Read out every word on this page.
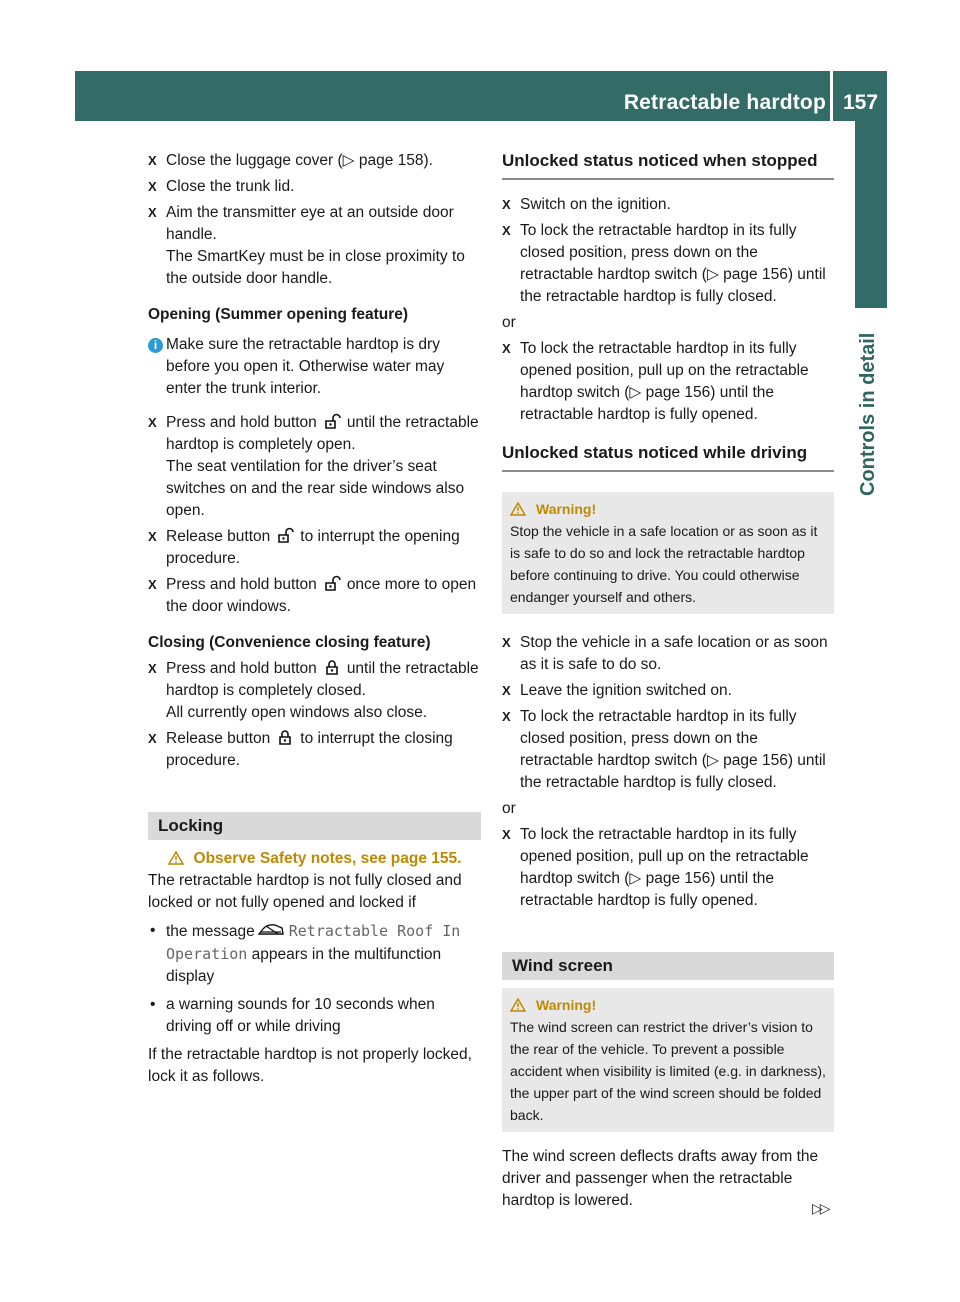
Retractable hardtop 157
Controls in detail

X Close the luggage cover (▷ page 158).

X Close the trunk lid.

X Aim the transmitter eye at an outside door handle.

The SmartKey must be in close proximity to the outside door handle.

Opening (Summer opening feature)

i Make sure the retractable hardtop is dry before you open it. Otherwise water may enter the trunk interior.

X Press and hold button until the retractable hardtop is completely open.

The seat ventilation for the driver’s seat switches on and the rear side windows also open.

X Release button to interrupt the opening procedure.

X Press and hold button once more to open the door windows.

Closing (Convenience closing feature)

X Press and hold button until the retractable hardtop is completely closed.

All currently open windows also close.

X Release button to interrupt the closing procedure.

Locking

Observe Safety notes, see page 155.

The retractable hardtop is not fully closed and locked or not fully opened and locked if

• the message Retractable Roof In Operation appears in the multifunction display

• a warning sounds for 10 seconds when driving off or while driving

If the retractable hardtop is not properly locked, lock it as follows.

Unlocked status noticed when stopped

X Switch on the ignition.

X To lock the retractable hardtop in its fully closed position, press down on the retractable hardtop switch (▷ page 156) until the retractable hardtop is fully closed.

or

X To lock the retractable hardtop in its fully opened position, pull up on the retractable hardtop switch (▷ page 156) until the retractable hardtop is fully opened.

Unlocked status noticed while driving

Warning!

Stop the vehicle in a safe location or as soon as it is safe to do so and lock the retractable hardtop before continuing to drive. You could otherwise endanger yourself and others.

X Stop the vehicle in a safe location or as soon as it is safe to do so.

X Leave the ignition switched on.

X To lock the retractable hardtop in its fully closed position, press down on the retractable hardtop switch (▷ page 156) until the retractable hardtop is fully closed.

or

X To lock the retractable hardtop in its fully opened position, pull up on the retractable hardtop switch (▷ page 156) until the retractable hardtop is fully opened.

Wind screen

Warning!

The wind screen can restrict the driver’s vision to the rear of the vehicle. To prevent a possible accident when visibility is limited (e.g. in darkness), the upper part of the wind screen should be folded back.

The wind screen deflects drafts away from the driver and passenger when the retractable hardtop is lowered.	▷▷
